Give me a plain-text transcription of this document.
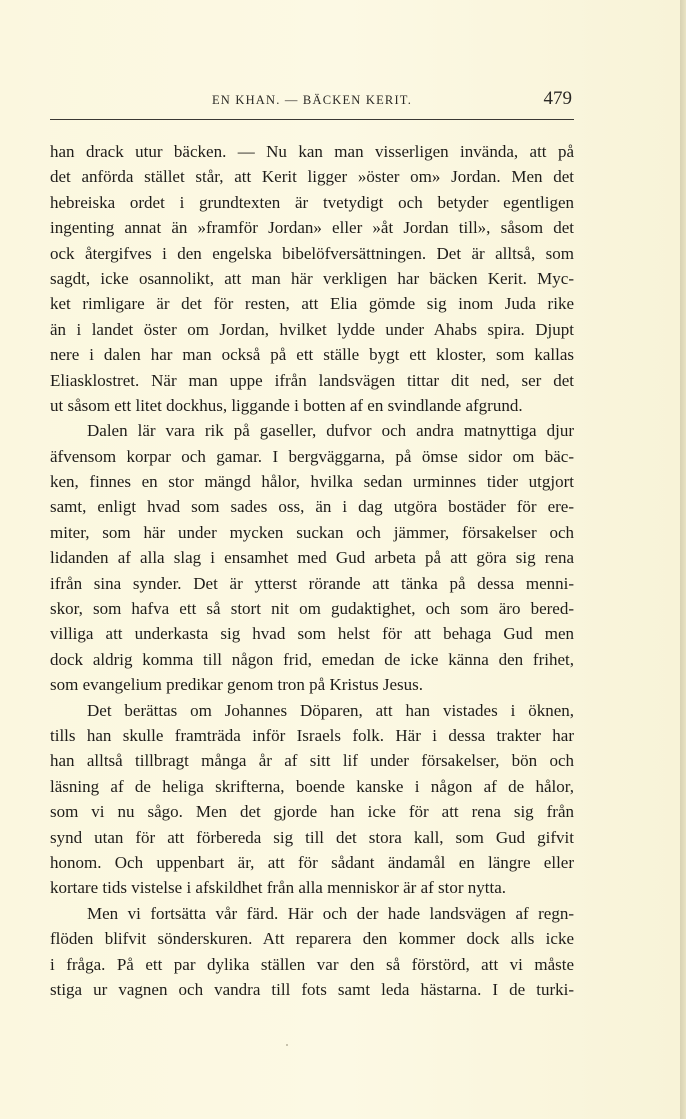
EN KHAN. — BÄCKEN KERIT.	479
han drack utur bäcken. — Nu kan man visserligen invända, att på
det anförda stället står, att Kerit ligger »öster om» Jordan. Men det
hebreiska ordet i grundtexten är tvetydigt och betyder egentligen
ingenting annat än »framför Jordan» eller »åt Jordan till», såsom det
ock återgifves i den engelska bibelöfversättningen. Det är alltså, som
sagdt, icke osannolikt, att man här verkligen har bäcken Kerit. Myc-
ket rimligare är det för resten, att Elia gömde sig inom Juda rike
än i landet öster om Jordan, hvilket lydde under Ahabs spira. Djupt
nere i dalen har man också på ett ställe bygt ett kloster, som kallas
Eliasklostret. När man uppe ifrån landsvägen tittar dit ned, ser det
ut såsom ett litet dockhus, liggande i botten af en svindlande afgrund.
Dalen lär vara rik på gaseller, dufvor och andra matnyttiga djur
äfvensom korpar och gamar. I bergväggarna, på ömse sidor om bäc-
ken, finnes en stor mängd hålor, hvilka sedan urminnes tider utgjort
samt, enligt hvad som sades oss, än i dag utgöra bostäder för ere-
miter, som här under mycken suckan och jämmer, försakelser och
lidanden af alla slag i ensamhet med Gud arbeta på att göra sig rena
ifrån sina synder. Det är ytterst rörande att tänka på dessa menni-
skor, som hafva ett så stort nit om gudaktighet, och som äro bered-
villiga att underkasta sig hvad som helst för att behaga Gud men
dock aldrig komma till någon frid, emedan de icke känna den frihet,
som evangelium predikar genom tron på Kristus Jesus.
Det berättas om Johannes Döparen, att han vistades i öknen,
tills han skulle framträda inför Israels folk. Här i dessa trakter har
han alltså tillbragt många år af sitt lif under försakelser, bön och
läsning af de heliga skrifterna, boende kanske i någon af de hålor,
som vi nu sågo. Men det gjorde han icke för att rena sig från
synd utan för att förbereda sig till det stora kall, som Gud gifvit
honom. Och uppenbart är, att för sådant ändamål en längre eller
kortare tids vistelse i afskildhet från alla menniskor är af stor nytta.
Men vi fortsätta vår färd. Här och der hade landsvägen af regn-
flöden blifvit sönderskuren. Att reparera den kommer dock alls icke
i fråga. På ett par dylika ställen var den så förstörd, att vi måste
stiga ur vagnen och vandra till fots samt leda hästarna. I de turki-
